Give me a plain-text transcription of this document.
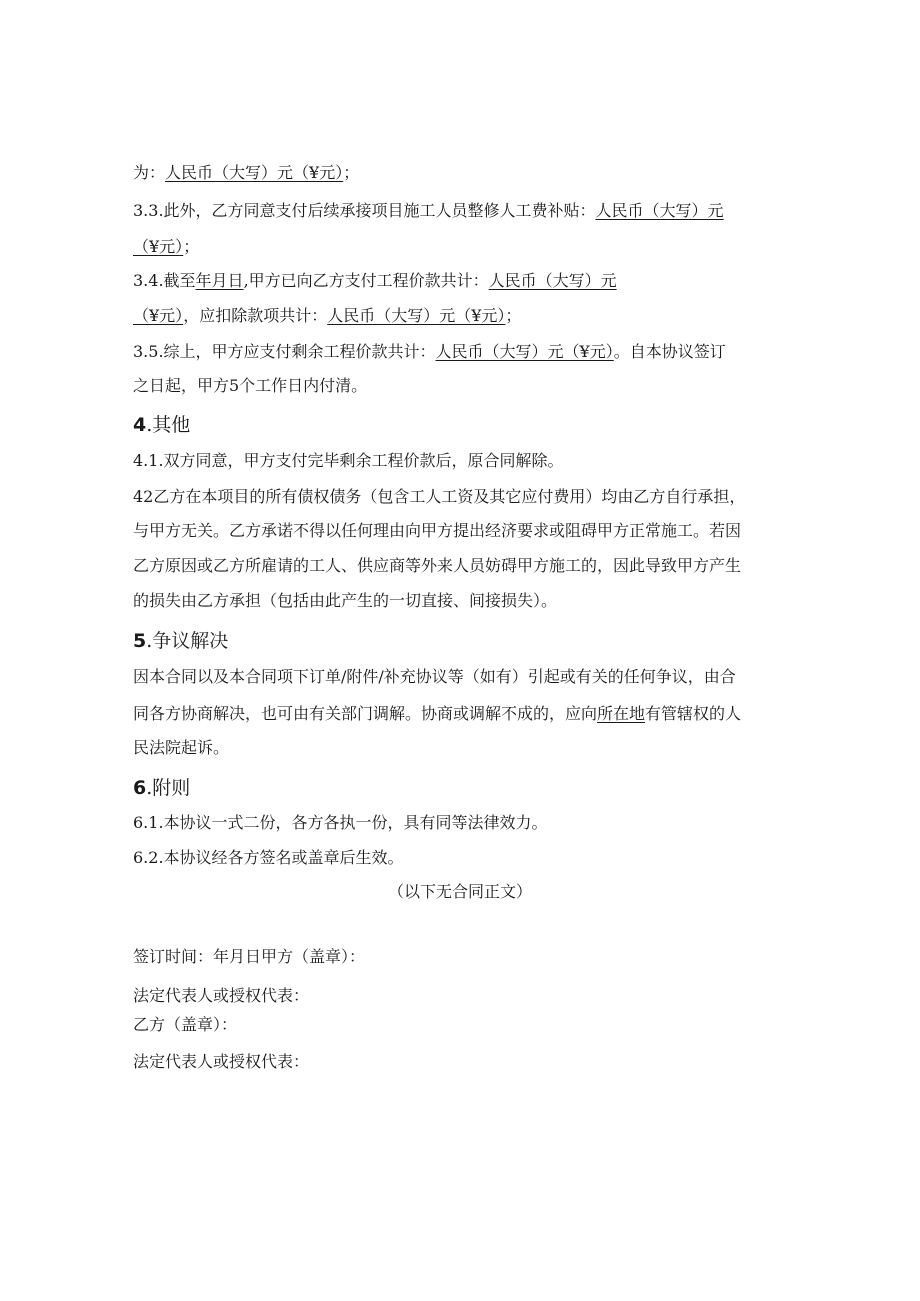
为：人民币（大写）元（¥元）；
3.3.此外，乙方同意支付后续承接项目施工人员整修人工费补贴：人民币（大写）元
（¥元）；
3.4.截至年月日,甲方已向乙方支付工程价款共计：人民币（大写）元
（¥元），应扣除款项共计：人民币（大写）元（¥元）；
3.5.综上，甲方应支付剩余工程价款共计：人民币（大写）元（¥元）。自本协议签订
之日起，甲方5个工作日内付清。
4.其他
4.1.双方同意，甲方支付完毕剩余工程价款后，原合同解除。
42乙方在本项目的所有债权债务（包含工人工资及其它应付费用）均由乙方自行承担，
与甲方无关。乙方承诺不得以任何理由向甲方提出经济要求或阻碍甲方正常施工。若因
乙方原因或乙方所雇请的工人、供应商等外来人员妨碍甲方施工的，因此导致甲方产生
的损失由乙方承担（包括由此产生的一切直接、间接损失）。
5.争议解决
因本合同以及本合同项下订单/附件/补充协议等（如有）引起或有关的任何争议，由合
同各方协商解决，也可由有关部门调解。协商或调解不成的，应向所在地有管辖权的人
民法院起诉。
6.附则
6.1.本协议一式二份，各方各执一份，具有同等法律效力。
6.2.本协议经各方签名或盖章后生效。
（以下无合同正文）
签订时间：年月日甲方（盖章）：
法定代表人或授权代表：
乙方（盖章）：
法定代表人或授权代表：
